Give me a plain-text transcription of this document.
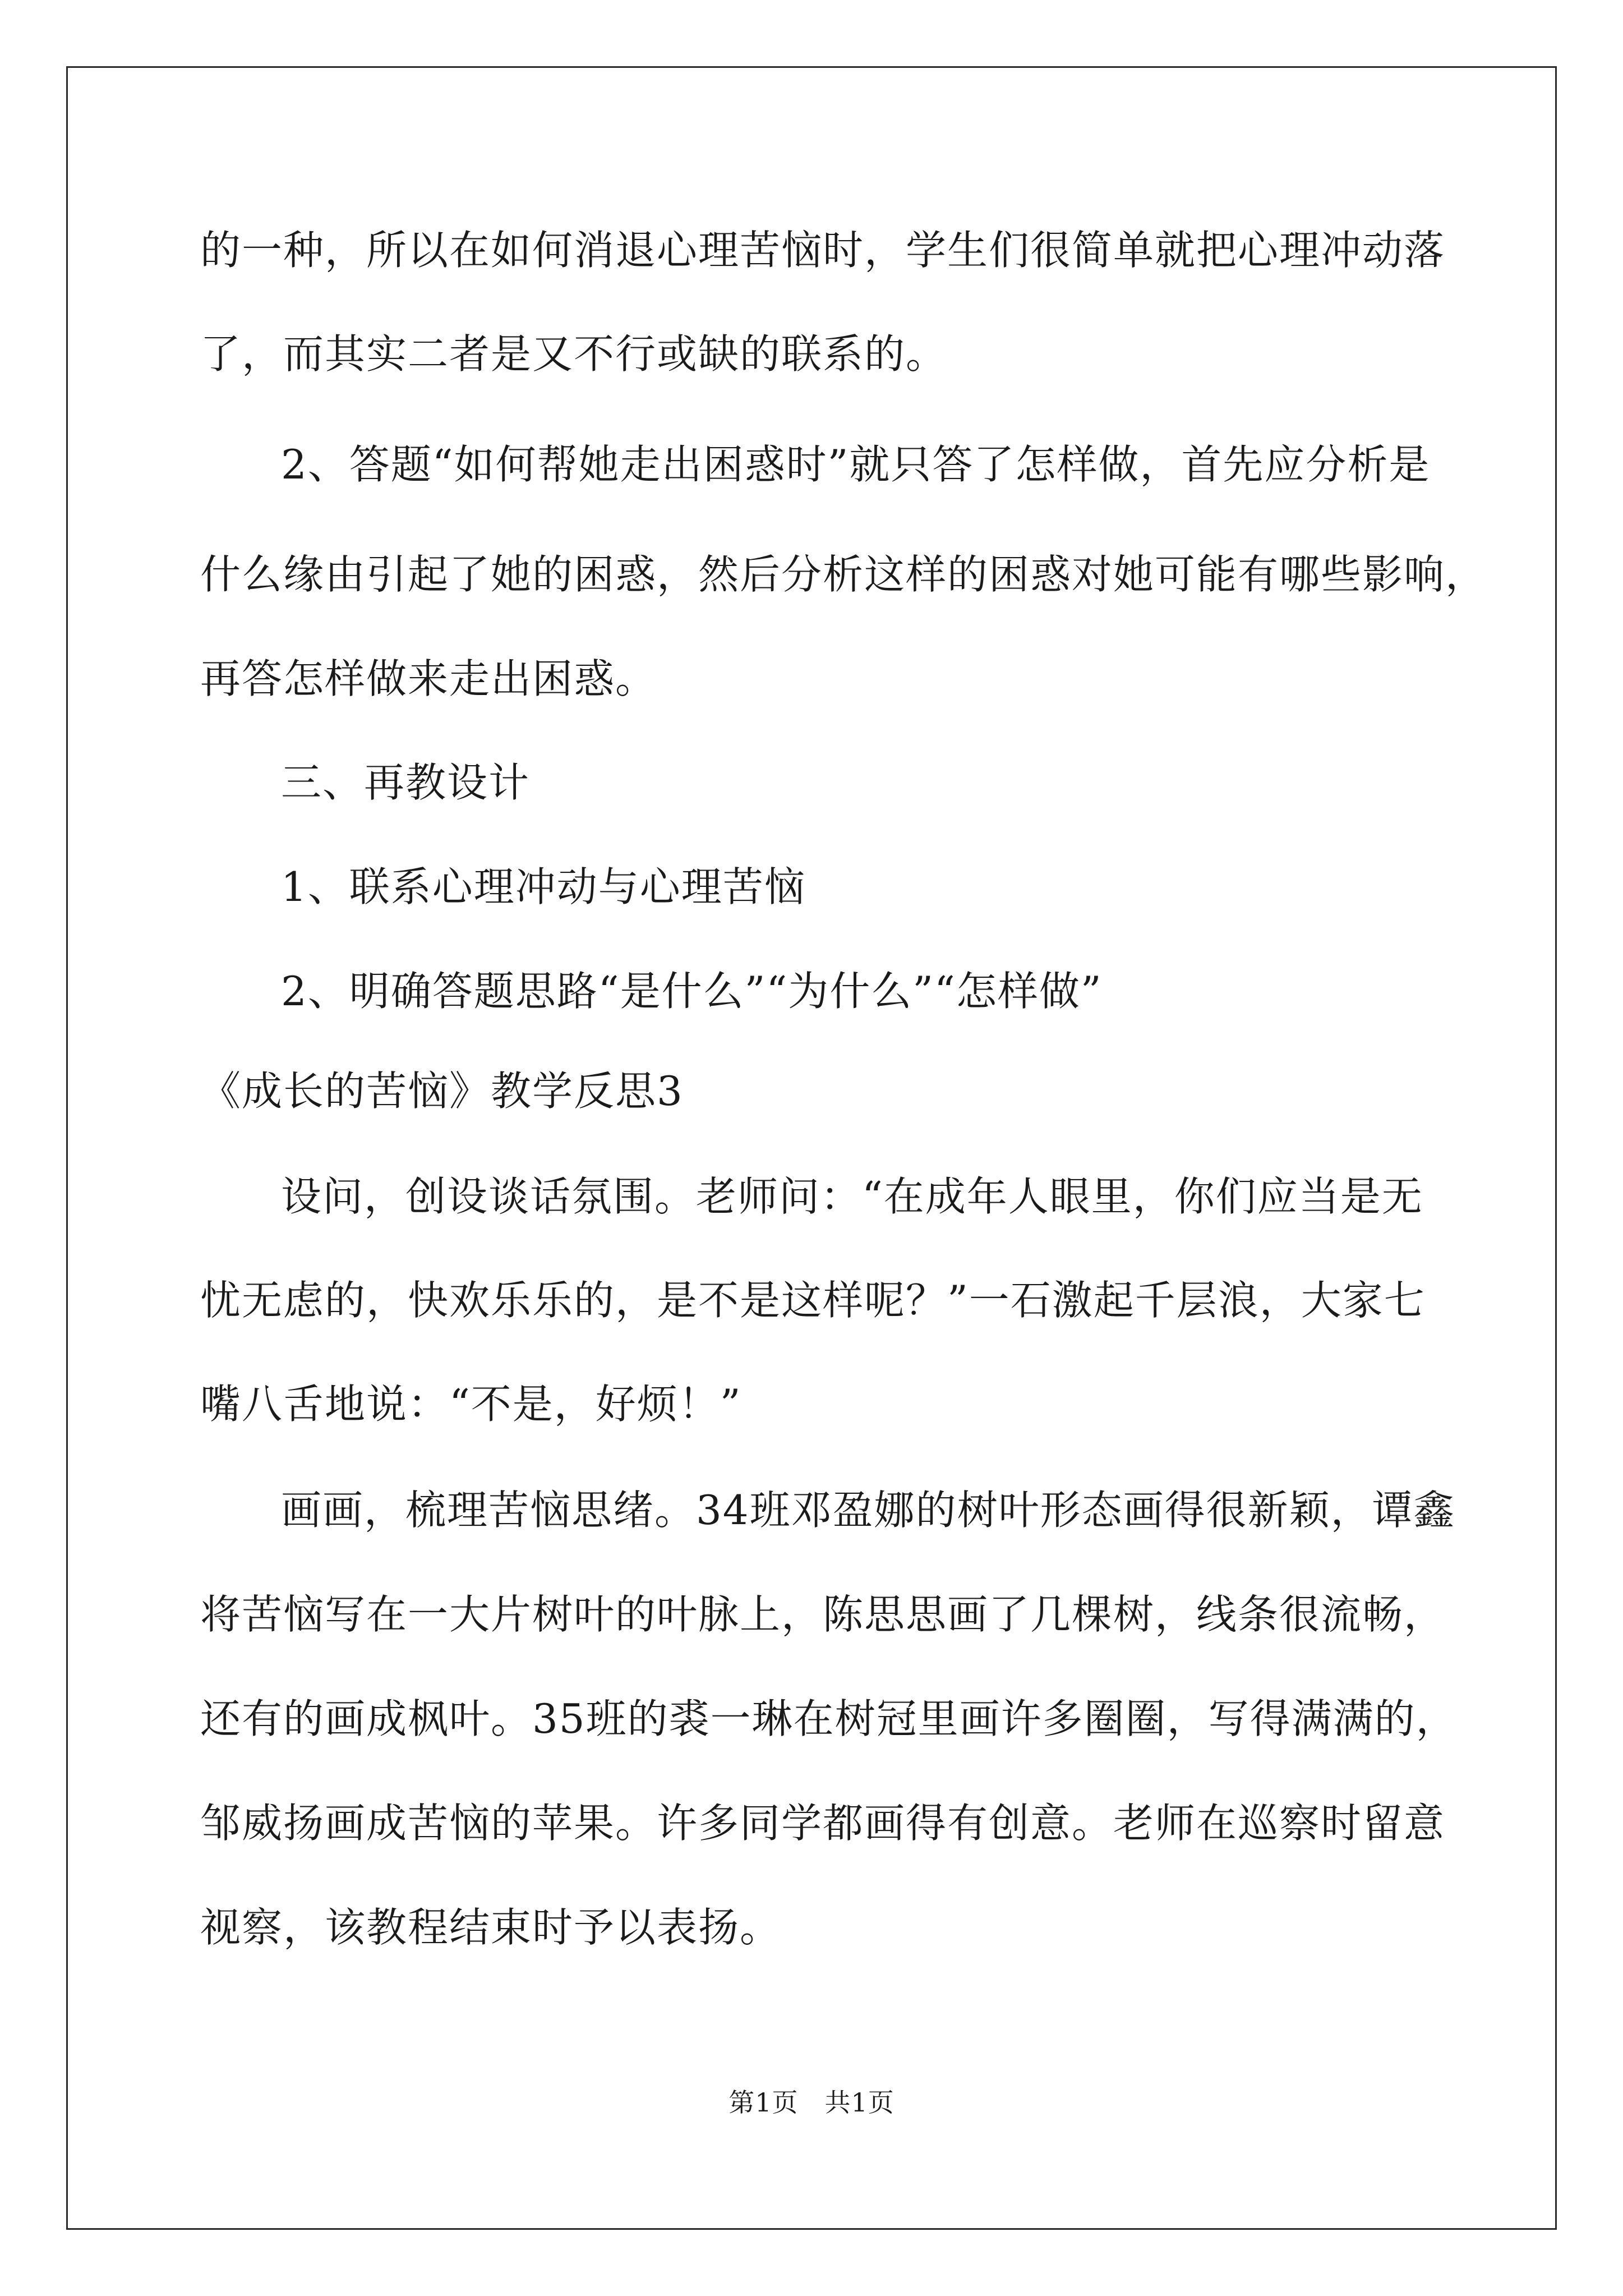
的一种，所以在如何消退心理苦恼时，学生们很简单就把心理冲动落
了，而其实二者是又不行或缺的联系的。
2、答题“如何帮她走出困惑时”就只答了怎样做，首先应分析是
什么缘由引起了她的困惑，然后分析这样的困惑对她可能有哪些影响，
再答怎样做来走出困惑。
三、再教设计
1、联系心理冲动与心理苦恼
2、明确答题思路“是什么”“为什么”“怎样做”
《成长的苦恼》教学反思3
设问，创设谈话氛围。老师问：“在成年人眼里，你们应当是无
忧无虑的，快欢乐乐的，是不是这样呢？”一石激起千层浪，大家七
嘴八舌地说：“不是，好烦！”
画画，梳理苦恼思绪。34班邓盈娜的树叶形态画得很新颖，谭鑫
将苦恼写在一大片树叶的叶脉上，陈思思画了几棵树，线条很流畅，
还有的画成枫叶。35班的裘一琳在树冠里画许多圈圈，写得满满的，
邹威扬画成苦恼的苹果。许多同学都画得有创意。老师在巡察时留意
视察，该教程结束时予以表扬。
第1页　共1页
